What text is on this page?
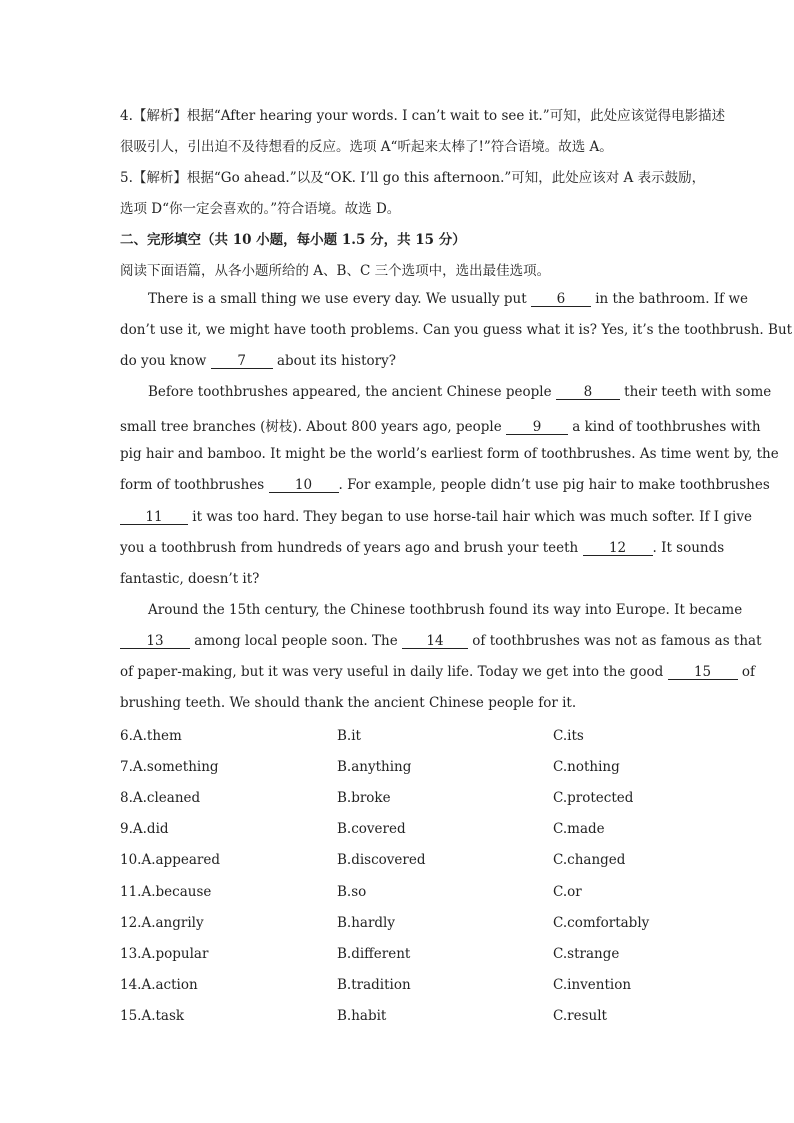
4.【解析】根据“After hearing your words. I can’t wait to see it.”可知，此处应该觉得电影描述
很吸引人，引出迫不及待想看的反应。选项 A“听起来太棒了!”符合语境。故选 A。
5.【解析】根据“Go ahead.”以及“OK. I’ll go this afternoon.”可知，此处应该对 A 表示鼓励，
选项 D“你一定会喜欢的。”符合语境。故选 D。
二、完形填空（共 10 小题，每小题 1.5 分，共 15 分）
阅读下面语篇，从各小题所给的 A、B、C 三个选项中，选出最佳选项。
There is a small thing we use every day. We usually put 6 in the bathroom. If we
don’t use it, we might have tooth problems. Can you guess what it is? Yes, it’s the toothbrush. But
do you know 7 about its history?
Before toothbrushes appeared, the ancient Chinese people 8 their teeth with some
small tree branches (树枝). About 800 years ago, people 9 a kind of toothbrushes with
pig hair and bamboo. It might be the world’s earliest form of toothbrushes. As time went by, the
form of toothbrushes 10 . For example, people didn’t use pig hair to make toothbrushes
11 it was too hard. They began to use horse-tail hair which was much softer. If I give
you a toothbrush from hundreds of years ago and brush your teeth 12 . It sounds
fantastic, doesn’t it?
Around the 15th century, the Chinese toothbrush found its way into Europe. It became
13 among local people soon. The 14 of toothbrushes was not as famous as that
of paper-making, but it was very useful in daily life. Today we get into the good 15 of
brushing teeth. We should thank the ancient Chinese people for it.
6.A.them	B.it	C.its
7.A.something	B.anything	C.nothing
8.A.cleaned	B.broke	C.protected
9.A.did	B.covered	C.made
10.A.appeared	B.discovered	C.changed
11.A.because	B.so	C.or
12.A.angrily	B.hardly	C.comfortably
13.A.popular	B.different	C.strange
14.A.action	B.tradition	C.invention
15.A.task	B.habit	C.result
